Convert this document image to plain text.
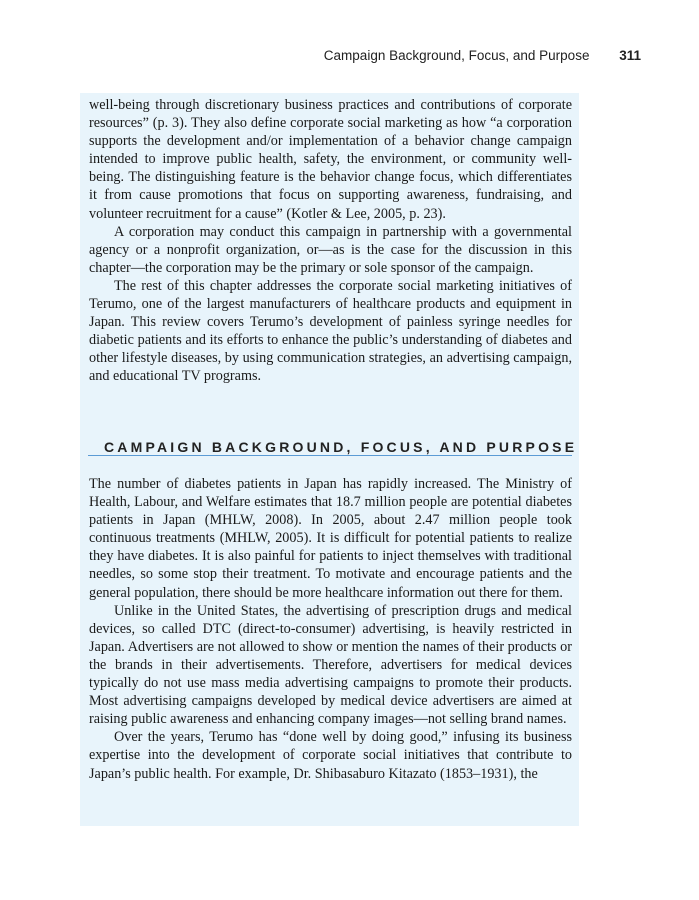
Campaign Background, Focus, and Purpose 311

well-being through discretionary business practices and contributions of corporate resources” (p. 3). They also define corporate social marketing as how “a corporation supports the development and/or implementation of a behavior change campaign intended to improve public health, safety, the environment, or community well-being. The distinguishing feature is the behavior change focus, which differentiates it from cause promotions that focus on supporting awareness, fundraising, and volunteer recruitment for a cause” (Kotler & Lee, 2005, p. 23).

A corporation may conduct this campaign in partnership with a governmental agency or a nonprofit organization, or—as is the case for the discussion in this chapter—the corporation may be the primary or sole sponsor of the campaign.

The rest of this chapter addresses the corporate social marketing initiatives of Terumo, one of the largest manufacturers of healthcare products and equipment in Japan. This review covers Terumo’s development of painless syringe needles for diabetic patients and its efforts to enhance the public’s understanding of diabetes and other lifestyle diseases, by using communication strategies, an advertising campaign, and educational TV programs.

CAMPAIGN BACKGROUND, FOCUS, AND PURPOSE

The number of diabetes patients in Japan has rapidly increased. The Ministry of Health, Labour, and Welfare estimates that 18.7 million people are potential diabetes patients in Japan (MHLW, 2008). In 2005, about 2.47 million people took continuous treatments (MHLW, 2005). It is difficult for potential patients to realize they have diabetes. It is also painful for patients to inject themselves with traditional needles, so some stop their treatment. To motivate and encourage patients and the general population, there should be more healthcare information out there for them.

Unlike in the United States, the advertising of prescription drugs and medical devices, so called DTC (direct-to-consumer) advertising, is heavily restricted in Japan. Advertisers are not allowed to show or mention the names of their products or the brands in their advertisements. Therefore, advertisers for medical devices typically do not use mass media advertising campaigns to promote their products. Most advertising campaigns developed by medical device advertisers are aimed at raising public awareness and enhancing company images—not selling brand names.

Over the years, Terumo has “done well by doing good,” infusing its business expertise into the development of corporate social initiatives that contribute to Japan’s public health. For example, Dr. Shibasaburo Kitazato (1853–1931), the
